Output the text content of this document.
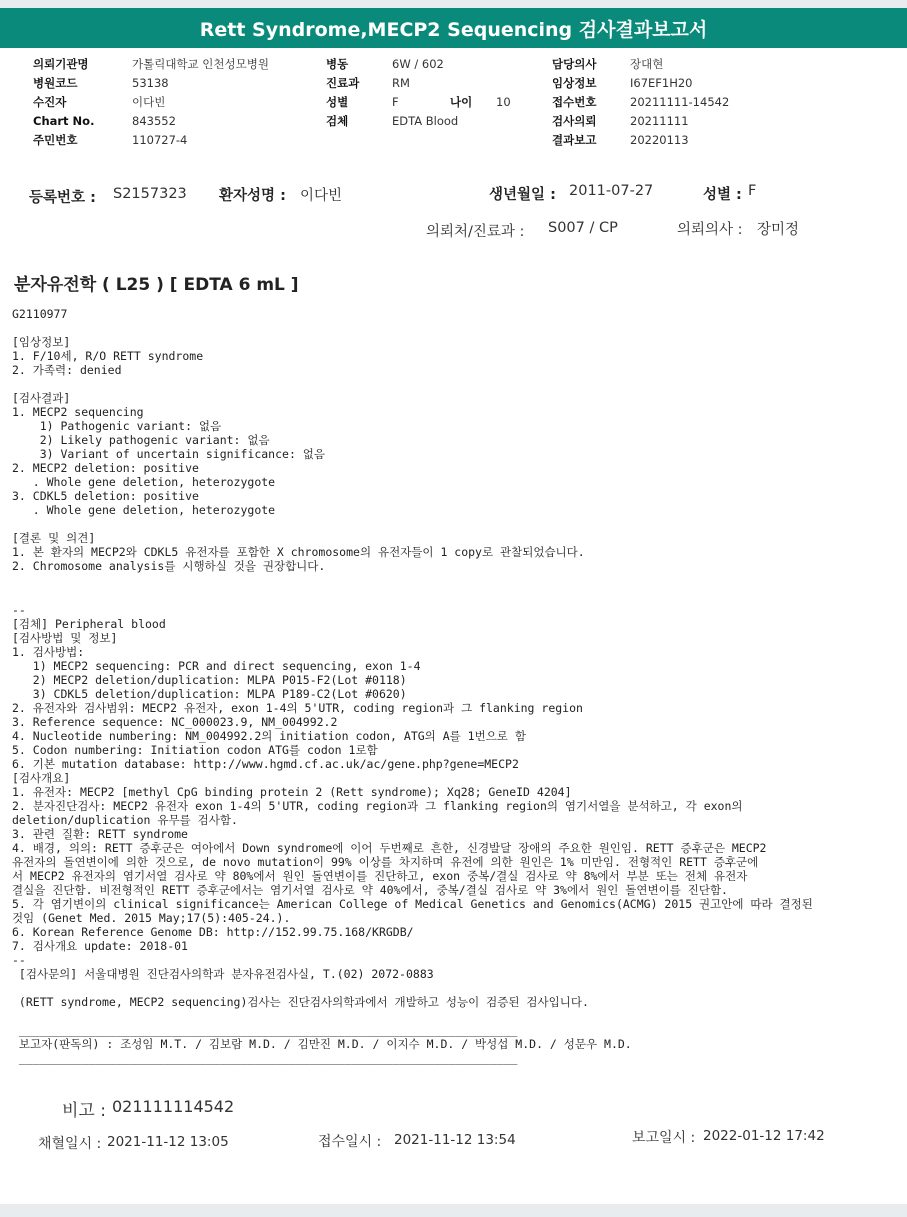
Rett Syndrome,MECP2 Sequencing 검사결과보고서
의뢰기관명	가톨릭대학교 인천성모병원
병원코드	53138
수진자	이다빈
Chart No.	843552
주민번호	110727-4
병동	6W / 602
진료과	RM
성별	F
검체	EDTA Blood
나이 10
담당의사	장대현
임상정보	I67EF1H20
접수번호	20211111-14542
검사의뢰	20211111
결과보고	20220113
등록번호 : S2157323 환자성명 : 이다빈	생년월일 : 2011-07-27	성별 : F
의뢰처/진료과 : S007 / CP	의뢰의사 : 장미정
분자유전학 ( L25 ) [ EDTA 6 mL ]
G2110977
[임상정보]
1. F/10세, R/O RETT syndrome
2. 가족력: denied
[검사결과]
1. MECP2 sequencing
1) Pathogenic variant: 없음
2) Likely pathogenic variant: 없음
3) Variant of uncertain significance: 없음
2. MECP2 deletion: positive
. Whole gene deletion, heterozygote
3. CDKL5 deletion: positive
. Whole gene deletion, heterozygote
[결론 및 의견]
1. 본 환자의 MECP2와 CDKL5 유전자를 포함한 X chromosome의 유전자들이 1 copy로 관찰되었습니다.
2. Chromosome analysis를 시행하실 것을 권장합니다.
--
[검체] Peripheral blood
[검사방법 및 정보]
1. 검사방법:
1) MECP2 sequencing: PCR and direct sequencing, exon 1-4
2) MECP2 deletion/duplication: MLPA P015-F2(Lot #0118)
3) CDKL5 deletion/duplication: MLPA P189-C2(Lot #0620)
2. 유전자와 검사범위: MECP2 유전자, exon 1-4의 5'UTR, coding region과 그 flanking region
3. Reference sequence: NC_000023.9, NM_004992.2
4. Nucleotide numbering: NM_004992.2의 initiation codon, ATG의 A를 1번으로 함
5. Codon numbering: Initiation codon ATG를 codon 1로함
6. 기본 mutation database: http://www.hgmd.cf.ac.uk/ac/gene.php?gene=MECP2
[검사개요]
1. 유전자: MECP2 [methyl CpG binding protein 2 (Rett syndrome); Xq28; GeneID 4204]
2. 분자진단검사: MECP2 유전자 exon 1-4의 5'UTR, coding region과 그 flanking region의 염기서열을 분석하고, 각 exon의
deletion/duplication 유무를 검사함.
3. 관련 질환: RETT syndrome
4. 배경, 의의: RETT 증후군은 여아에서 Down syndrome에 이어 두번째로 흔한, 신경발달 장애의 주요한 원인임. RETT 증후군은 MECP2
유전자의 돌연변이에 의한 것으로, de novo mutation이 99% 이상를 차지하며 유전에 의한 원인은 1% 미만임. 전형적인 RETT 증후군에
서 MECP2 유전자의 염기서열 검사로 약 80%에서 원인 돌연변이를 진단하고, exon 중복/결실 검사로 약 8%에서 부분 또는 전체 유전자
결실을 진단함. 비전형적인 RETT 증후군에서는 염기서열 검사로 약 40%에서, 중복/결실 검사로 약 3%에서 원인 돌연변이를 진단함.
5. 각 염기변이의 clinical significance는 American College of Medical Genetics and Genomics(ACMG) 2015 권고안에 따라 결정된
것임 (Genet Med. 2015 May;17(5):405-24.).
6. Korean Reference Genome DB: http://152.99.75.168/KRGDB/
7. 검사개요 update: 2018-01
--
[검사문의] 서울대병원 진단검사의학과 분자유전검사실, T.(02) 2072-0883
(RETT syndrome, MECP2 sequencing)검사는 진단검사의학과에서 개발하고 성능이 검증된 검사입니다.
________________________________________________________________________
보고자(판독의) : 조성임 M.T. / 김보람 M.D. / 김만진 M.D. / 이지수 M.D. / 박성섭 M.D. / 성문우 M.D.
________________________________________________________________________
비고 : 021111114542
채혈일시 : 2021-11-12 13:05	접수일시 : 2021-11-12 13:54	보고일시 : 2022-01-12 17:42
